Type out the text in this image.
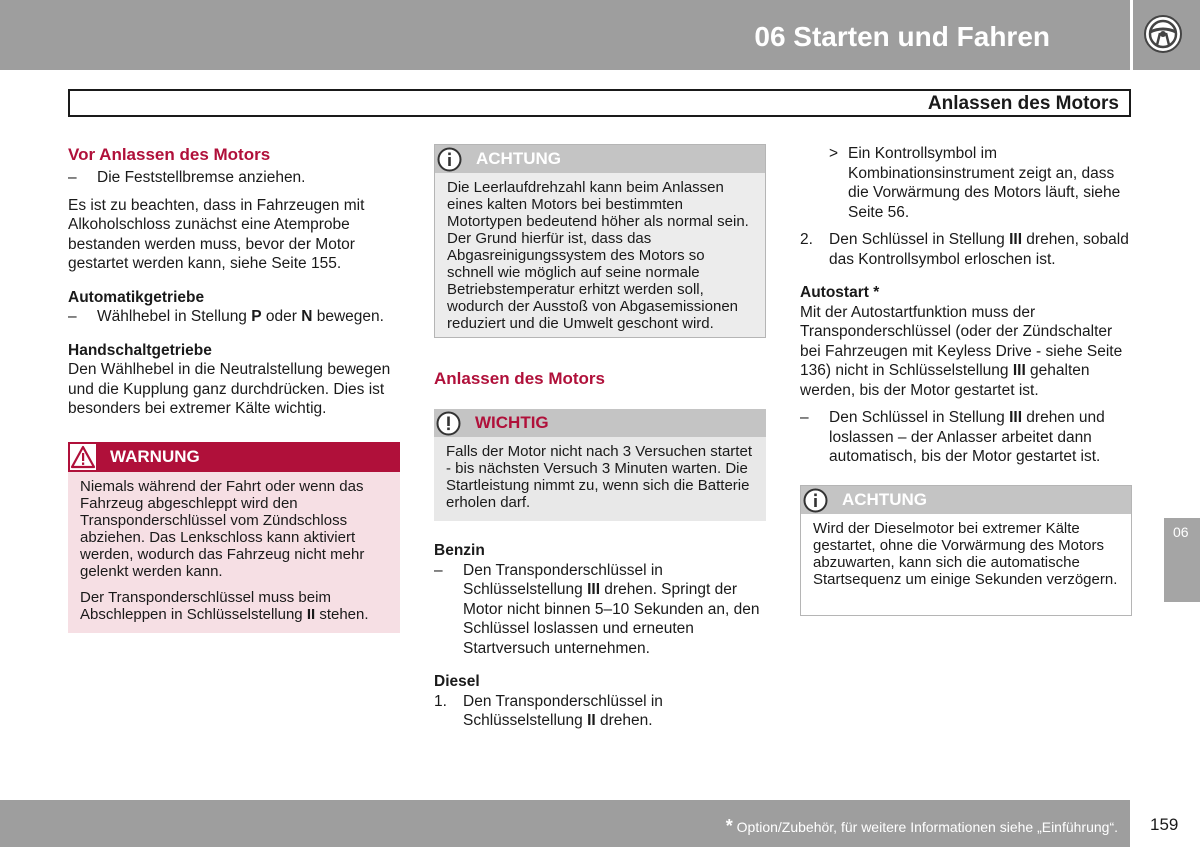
06 Starten und Fahren
Anlassen des Motors
Vor Anlassen des Motors
– Die Feststellbremse anziehen.

Es ist zu beachten, dass in Fahrzeugen mit Alkoholschloss zunächst eine Atemprobe bestanden werden muss, bevor der Motor gestartet werden kann, siehe Seite 155.

Automatikgetriebe
– Wählhebel in Stellung P oder N bewegen.
Handschaltgetriebe

Den Wählhebel in die Neutralstellung bewegen und die Kupplung ganz durchdrücken. Dies ist besonders bei extremer Kälte wichtig.

WARNUNG

Niemals während der Fahrt oder wenn das Fahrzeug abgeschleppt wird den Transponderschlüssel vom Zündschloss abziehen. Das Lenkschloss kann aktiviert werden, wodurch das Fahrzeug nicht mehr gelenkt werden kann.

Der Transponderschlüssel muss beim Abschleppen in Schlüsselstellung II stehen.

ACHTUNG

Die Leerlaufdrehzahl kann beim Anlassen eines kalten Motors bei bestimmten Motortypen bedeutend höher als normal sein. Der Grund hierfür ist, dass das Abgasreinigungssystem des Motors so schnell wie möglich auf seine normale Betriebstemperatur erhitzt werden soll, wodurch der Ausstoß von Abgasemissionen reduziert und die Umwelt geschont wird.

Anlassen des Motors
WICHTIG

Falls der Motor nicht nach 3 Versuchen startet - bis nächsten Versuch 3 Minuten warten. Die Startleistung nimmt zu, wenn sich die Batterie erholen darf.

Benzin
– Den Transponderschlüssel in Schlüsselstellung III drehen. Springt der Motor nicht binnen 5–10 Sekunden an, den Schlüssel loslassen und erneuten Startversuch unternehmen.
Diesel
1. Den Transponderschlüssel in Schlüsselstellung II drehen.
> Ein Kontrollsymbol im Kombinationsinstrument zeigt an, dass die Vorwärmung des Motors läuft, siehe Seite 56.
2. Den Schlüssel in Stellung III drehen, sobald das Kontrollsymbol erloschen ist.
Autostart *

Mit der Autostartfunktion muss der Transponderschlüssel (oder der Zündschalter bei Fahrzeugen mit Keyless Drive - siehe Seite 136) nicht in Schlüsselstellung III gehalten werden, bis der Motor gestartet ist.

– Den Schlüssel in Stellung III drehen und loslassen – der Anlasser arbeitet dann automatisch, bis der Motor gestartet ist.
ACHTUNG

Wird der Dieselmotor bei extremer Kälte gestartet, ohne die Vorwärmung des Motors abzuwarten, kann sich die automatische Startsequenz um einige Sekunden verzögern.

06
* Option/Zubehör, für weitere Informationen siehe „Einführung“. 159
